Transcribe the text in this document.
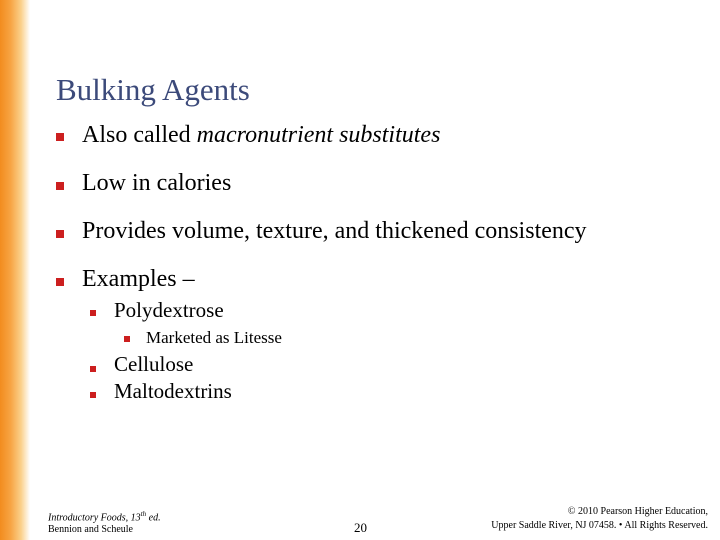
Bulking Agents
Also called macronutrient substitutes
Low in calories
Provides volume, texture, and thickened consistency
Examples –
Polydextrose
Marketed as Litesse
Cellulose
Maltodextrins
Introductory Foods, 13th ed.
Bennion and Scheule	20
© 2010 Pearson Higher Education,
Upper Saddle River, NJ 07458. • All Rights Reserved.
